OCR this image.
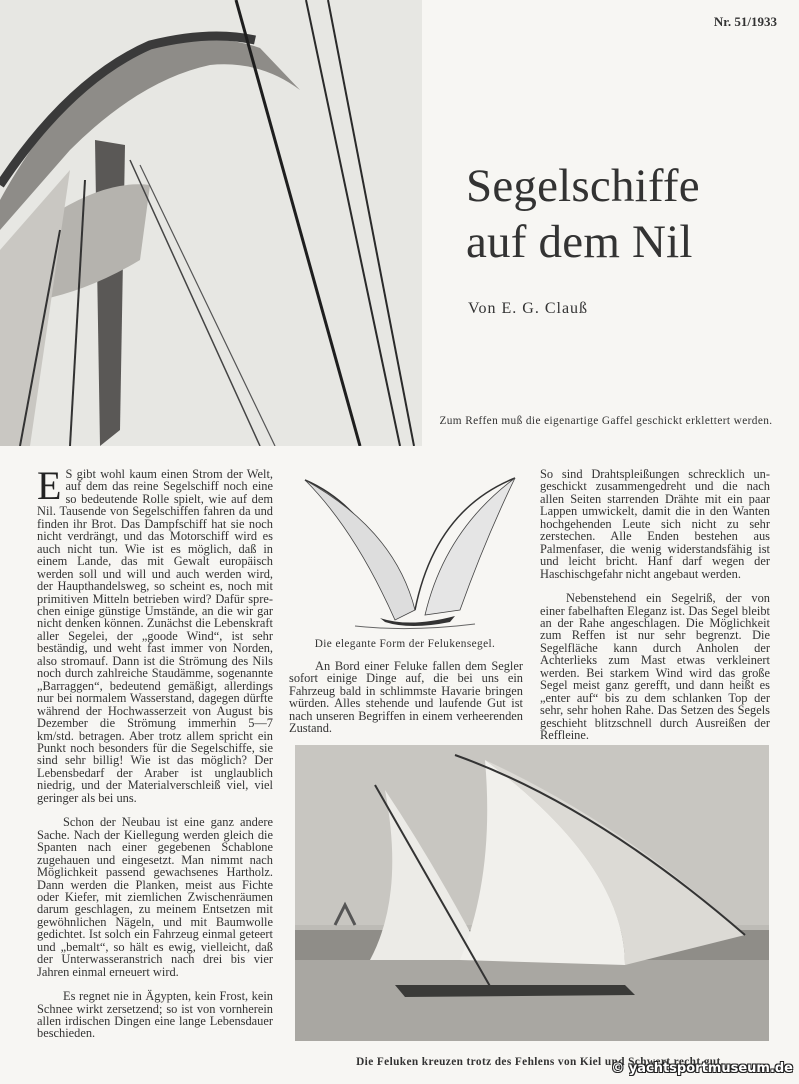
Nr. 51/1933
Segelschiffe
auf dem Nil
Von E. G. Clauß
Zum Reffen muß die eigenartige Gaffel geschickt erklettert werden.

E S gibt wohl kaum einen Strom der Welt, auf dem das reine Segelschiff noch eine so bedeutende Rolle spielt, wie auf dem Nil. Tausende von Segelschiffen fahren da und finden ihr Brot. Das Dampfschiff hat sie noch nicht verdrängt, und das Motorschiff wird es auch nicht tun. Wie ist es möglich, daß in einem Lande, das mit Gewalt europäisch werden soll und will und auch werden wird, der Haupthandelsweg, so scheint es, noch mit primitiven Mitteln betrieben wird? Dafür sprechen einige günstige Umstände, an die wir gar nicht denken können. Zunächst die Lebenskraft aller Segelei, der „goode Wind“, ist sehr beständig, und weht fast immer von Norden, also stromauf. Dann ist die Strömung des Nils noch durch zahlreiche Staudämme, sogenannte „Barraggen“, bedeutend gemäßigt, allerdings nur bei normalem Wasserstand, dagegen dürfte während der Hochwasserzeit von August bis Dezember die Strömung immerhin 5—7 km/std. betragen. Aber trotz allem spricht ein Punkt noch besonders für die Segelschiffe, sie sind sehr billig! Wie ist das möglich? Der Lebensbedarf der Araber ist unglaublich niedrig, und der Materialverschleiß viel, viel geringer als bei uns.

Schon der Neubau ist eine ganz andere Sache. Nach der Kiellegung werden gleich die Spanten nach einer gegebenen Schablone zugehauen und eingesetzt. Man nimmt nach Möglichkeit passend gewachsenes Hartholz. Dann werden die Planken, meist aus Fichte oder Kiefer, mit ziemlichen Zwischenräumen darum geschlagen, zu meinem Entsetzen mit gewöhnlichen Nägeln, und mit Baumwolle gedichtet. Ist solch ein Fahrzeug einmal geteert und „bemalt“, so hält es ewig, vielleicht, daß der Unterwasseranstrich nach drei bis vier Jahren einmal erneuert wird.

Es regnet nie in Ägypten, kein Frost, kein Schnee wirkt zersetzend; so ist von vornherein allen irdischen Dingen eine lange Lebensdauer beschieden.

Die elegante Form der Felukensegel.

An Bord einer Feluke fallen dem Segler sofort einige Dinge auf, die bei uns ein Fahrzeug bald in schlimmste Havarie bringen würden. Alles stehende und laufende Gut ist nach unseren Begriffen in einem verheerenden Zustand.

So sind Drahtspleißungen schrecklich ungeschickt zusammengedreht und die nach allen Seiten starrenden Drähte mit ein paar Lappen umwickelt, damit die in den Wanten hochgehenden Leute sich nicht zu sehr zerstechen. Alle Enden bestehen aus Palmenfaser, die wenig widerstandsfähig ist und leicht bricht. Hanf darf wegen der Haschischgefahr nicht angebaut werden.

Nebenstehend ein Segelriß, der von einer fabelhaften Eleganz ist. Das Segel bleibt an der Rahe angeschlagen. Die Möglichkeit zum Reffen ist nur sehr begrenzt. Die Segelfläche kann durch Anholen der Achterlieks zum Mast etwas verkleinert werden. Bei starkem Wind wird das große Segel meist ganz gerefft, und dann heißt es „enter auf“ bis zu dem schlanken Top der sehr, sehr hohen Rahe. Das Setzen des Segels geschieht blitzschnell durch Ausreißen der Reffleine.

Die Feluken kreuzen trotz des Fehlens von Kiel und Schwert recht gut.
© yachtsportmuseum.de
